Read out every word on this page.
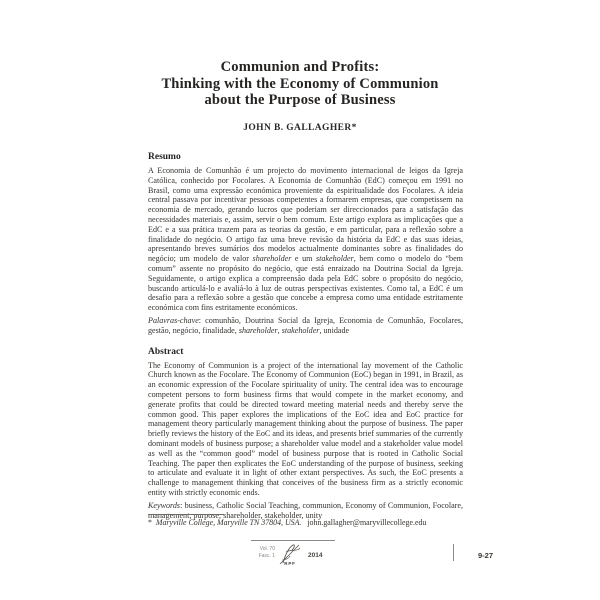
Communion and Profits:
Thinking with the Economy of Communion
about the Purpose of Business
JOHN B. GALLAGHER*
Resumo

A Economia de Comunhão é um projecto do movimento internacional de leigos da Igreja Católica, conhecido por Focolares. A Economia de Comunhão (EdC) começou em 1991 no Brasil, como uma expressão económica proveniente da espiritualidade dos Focolares. A ideia central passava por incentivar pessoas competentes a formarem empresas, que competissem na economia de mercado, gerando lucros que poderiam ser direccionados para a satisfação das necessidades materiais e, assim, servir o bem comum. Este artigo explora as implicações que a EdC e a sua prática trazem para as teorias da gestão, e em particular, para a reflexão sobre a finalidade do negócio. O artigo faz uma breve revisão da história da EdC e das suas ideias, apresentando breves sumários dos modelos actualmente dominantes sobre as finalidades do negócio; um modelo de valor shareholder e um stakeholder, bem como o modelo do “bem comum” assente no propósito do negócio, que está enraizado na Doutrina Social da Igreja. Seguidamente, o artigo explica a compreensão dada pela EdC sobre o propósito do negócio, buscando articulá-lo e avaliá-lo à luz de outras perspectivas existentes. Como tal, a EdC é um desafio para a reflexão sobre a gestão que concebe a empresa como uma entidade estritamente económica com fins estritamente económicos.

Palavras-chave: comunhão, Doutrina Social da Igreja, Economia de Comunhão, Focolares, gestão, negócio, finalidade, shareholder, stakeholder, unidade

Abstract

The Economy of Communion is a project of the international lay movement of the Catholic Church known as the Focolare. The Economy of Communion (EoC) began in 1991, in Brazil, as an economic expression of the Focolare spirituality of unity. The central idea was to encourage competent persons to form business firms that would compete in the market economy, and generate profits that could be directed toward meeting material needs and thereby serve the common good. This paper explores the implications of the EoC idea and EoC practice for management theory particularly management thinking about the purpose of business. The paper briefly reviews the history of the EoC and its ideas, and presents brief summaries of the currently dominant models of business purpose; a shareholder value model and a stakeholder value model as well as the “common good” model of business purpose that is rooted in Catholic Social Teaching. The paper then explicates the EoC understanding of the purpose of business, seeking to articulate and evaluate it in light of other extant perspectives. As such, the EoC presents a challenge to management thinking that conceives of the business firm as a strictly economic entity with strictly economic ends.

Keywords: business, Catholic Social Teaching, communion, Economy of Communion, Focolare, management, purpose, shareholder, stakeholder, unity

*  Maryville College, Maryville TN 37804, USA.   john.gallagher@maryvillecollege.edu

Vol. 70
Fasc. 1
RPF
2014	9-27
